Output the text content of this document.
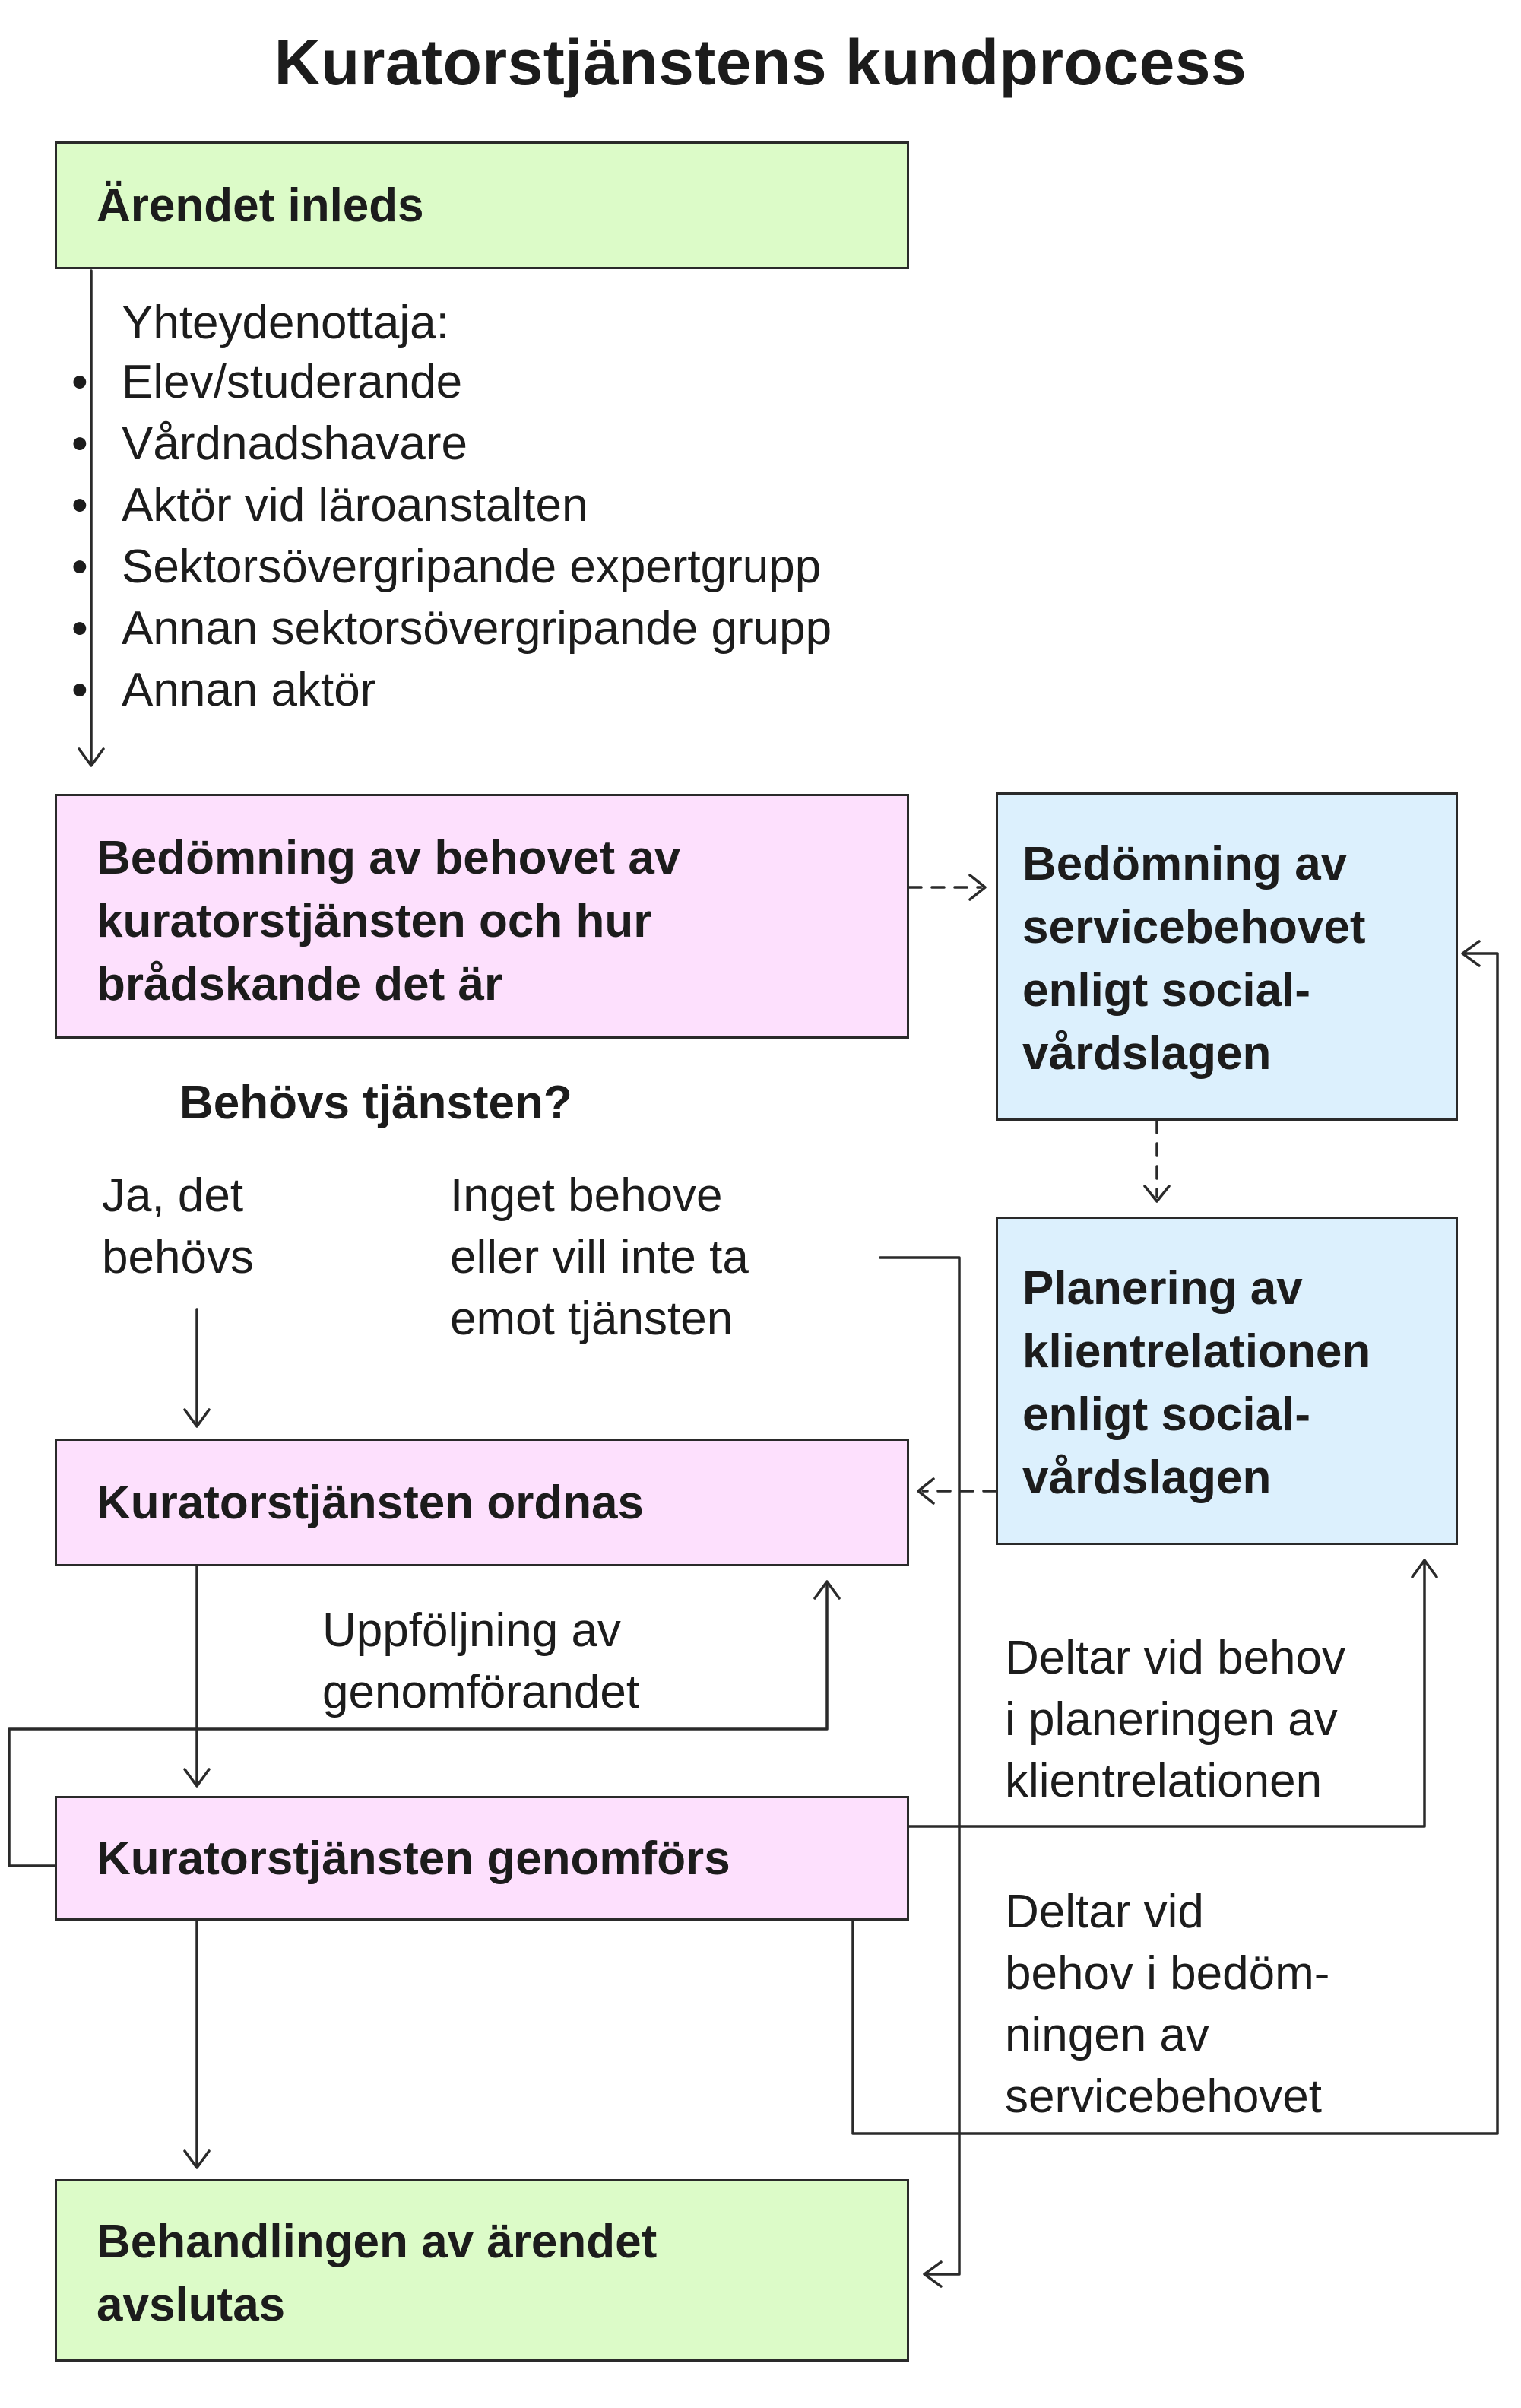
Kuratorstjänstens kundprocess
Ärendet inleds
Yhteydenottaja:
• Elev/studerande
• Vårdnadshavare
• Aktör vid läroanstalten
• Sektorsövergripande expertgrupp
• Annan sektorsövergripande grupp
• Annan aktör
Bedömning av behovet av
kuratorstjänsten och hur
brådskande det är
Bedömning av
servicebehovet
enligt social-
vårdslagen
Behövs tjänsten?
Ja, det
behövs
Inget behove
eller vill inte ta
emot tjänsten
Planering av
klientrelationen
enligt social-
vårdslagen
Kuratorstjänsten ordnas
Uppföljning av
genomförandet
Deltar vid behov
i planeringen av
klientrelationen
Kuratorstjänsten genomförs
Deltar vid
behov i bedöm-
ningen av
servicebehovet
Behandlingen av ärendet
avslutas
